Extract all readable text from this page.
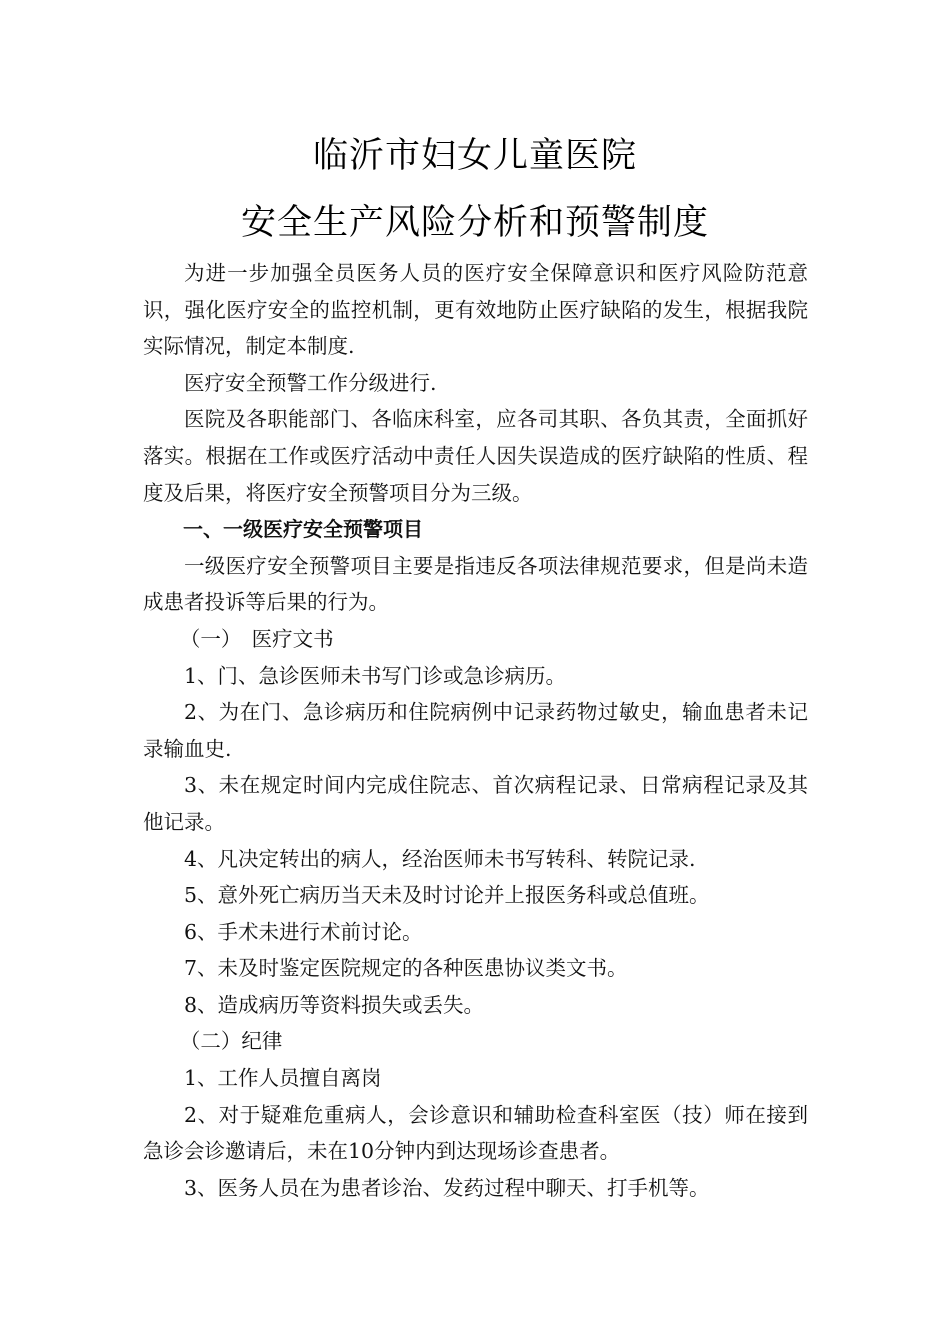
临沂市妇女儿童医院
安全生产风险分析和预警制度

为进一步加强全员医务人员的医疗安全保障意识和医疗风险防范意识，强化医疗安全的监控机制，更有效地防止医疗缺陷的发生，根据我院实际情况，制定本制度.

医疗安全预警工作分级进行.

医院及各职能部门、各临床科室，应各司其职、各负其责，全面抓好落实。根据在工作或医疗活动中责任人因失误造成的医疗缺陷的性质、程度及后果，将医疗安全预警项目分为三级。

一、一级医疗安全预警项目

一级医疗安全预警项目主要是指违反各项法律规范要求，但是尚未造成患者投诉等后果的行为。

（一）　医疗文书

1、门、急诊医师未书写门诊或急诊病历。

2、为在门、急诊病历和住院病例中记录药物过敏史，输血患者未记录输血史.

3、未在规定时间内完成住院志、首次病程记录、日常病程记录及其他记录。

4、凡决定转出的病人，经治医师未书写转科、转院记录.

5、意外死亡病历当天未及时讨论并上报医务科或总值班。

6、手术未进行术前讨论。

7、未及时鉴定医院规定的各种医患协议类文书。

8、造成病历等资料损失或丢失。

（二）纪律

1、工作人员擅自离岗

2、对于疑难危重病人，会诊意识和辅助检查科室医（技）师在接到急诊会诊邀请后，未在10分钟内到达现场诊查患者。

3、医务人员在为患者诊治、发药过程中聊天、打手机等。
